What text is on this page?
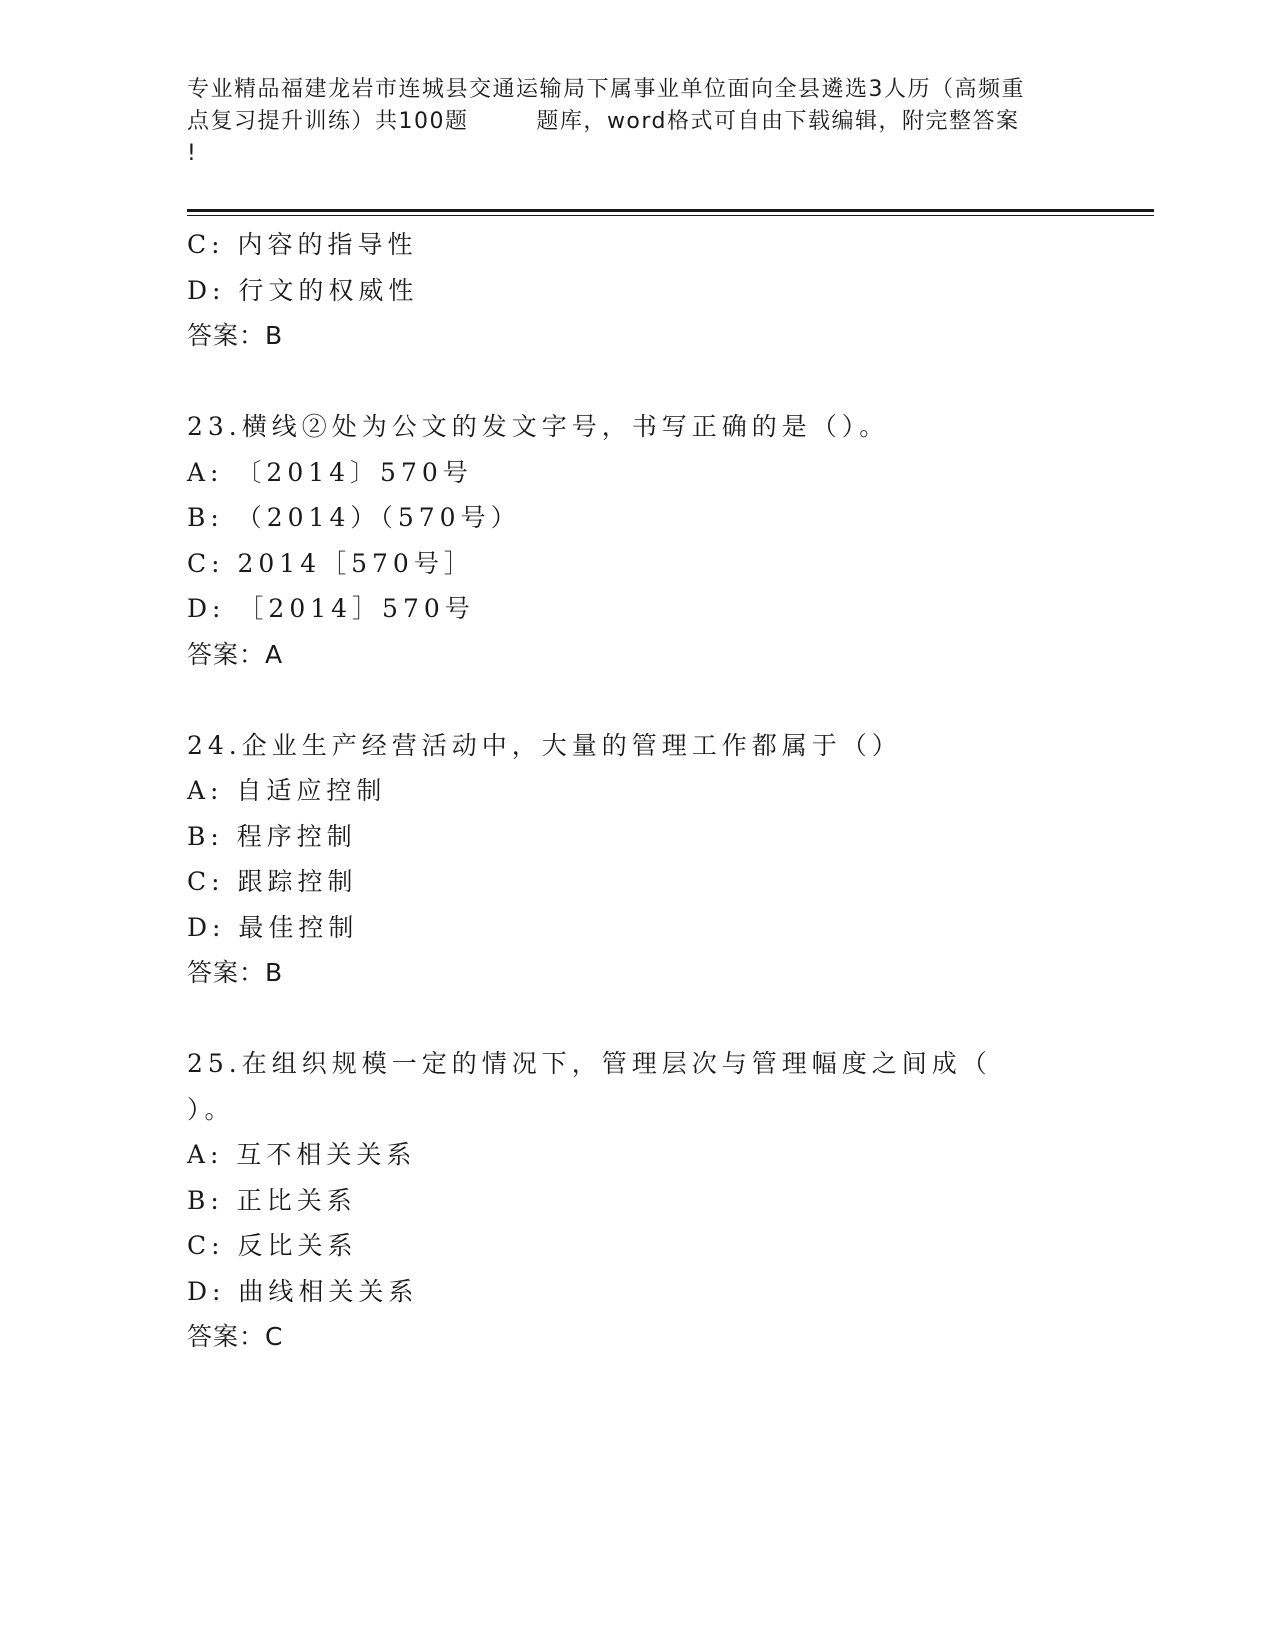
专业精品福建龙岩市连城县交通运输局下属事业单位面向全县遴选3人历（高频重
点复习提升训练）共100题        题库，word格式可自由下载编辑，附完整答案
!
C: 内容的指导性
D: 行文的权威性
答案：B
23.横线②处为公文的发文字号，书写正确的是（）。
A: 〔2014〕570号
B: （2014）（570号）
C: 2014［570号］
D: ［2014］570号
答案：A
24.企业生产经营活动中，大量的管理工作都属于（）
A: 自适应控制
B: 程序控制
C: 跟踪控制
D: 最佳控制
答案：B
25.在组织规模一定的情况下，管理层次与管理幅度之间成（
）。
A: 互不相关关系
B: 正比关系
C: 反比关系
D: 曲线相关关系
答案：C
